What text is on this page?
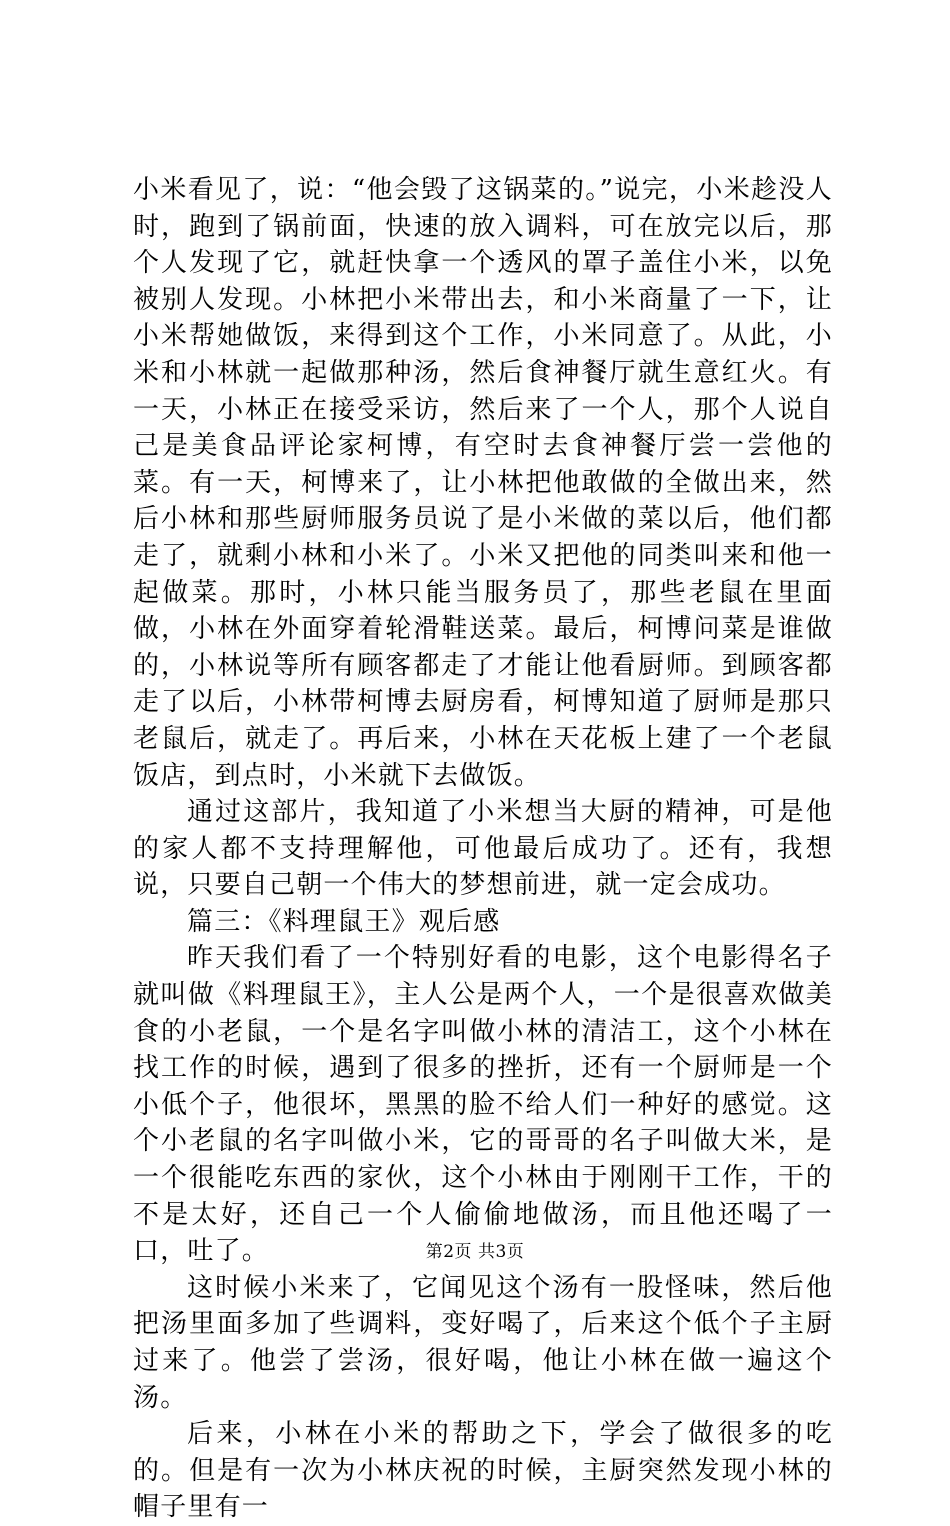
小米看见了，说：“他会毁了这锅菜的。”说完，小米趁没人时，跑到了锅前面，快速的放入调料，可在放完以后，那个人发现了它，就赶快拿一个透风的罩子盖住小米，以免被别人发现。小林把小米带出去，和小米商量了一下，让小米帮她做饭，来得到这个工作，小米同意了。从此，小米和小林就一起做那种汤，然后食神餐厅就生意红火。有一天，小林正在接受采访，然后来了一个人，那个人说自己是美食品评论家柯博，有空时去食神餐厅尝一尝他的菜。有一天，柯博来了，让小林把他敢做的全做出来，然后小林和那些厨师服务员说了是小米做的菜以后，他们都走了，就剩小林和小米了。小米又把他的同类叫来和他一起做菜。那时，小林只能当服务员了，那些老鼠在里面做，小林在外面穿着轮滑鞋送菜。最后，柯博问菜是谁做的，小林说等所有顾客都走了才能让他看厨师。到顾客都走了以后，小林带柯博去厨房看，柯博知道了厨师是那只老鼠后，就走了。再后来，小林在天花板上建了一个老鼠饭店，到点时，小米就下去做饭。

通过这部片，我知道了小米想当大厨的精神，可是他的家人都不支持理解他，可他最后成功了。还有，我想说，只要自己朝一个伟大的梦想前进，就一定会成功。

篇三：《料理鼠王》观后感

昨天我们看了一个特别好看的电影，这个电影得名子就叫做《料理鼠王》，主人公是两个人，一个是很喜欢做美食的小老鼠，一个是名字叫做小林的清洁工，这个小林在找工作的时候，遇到了很多的挫折，还有一个厨师是一个小低个子，他很坏，黑黑的脸不给人们一种好的感觉。这个小老鼠的名字叫做小米，它的哥哥的名子叫做大米，是一个很能吃东西的家伙，这个小林由于刚刚干工作，干的不是太好，还自己一个人偷偷地做汤，而且他还喝了一口，吐了。

这时候小米来了，它闻见这个汤有一股怪味，然后他把汤里面多加了些调料，变好喝了，后来这个低个子主厨过来了。他尝了尝汤，很好喝，他让小林在做一遍这个汤。

后来，小林在小米的帮助之下，学会了做很多的吃的。但是有一次为小林庆祝的时候，主厨突然发现小林的帽子里有一

第2页 共3页
